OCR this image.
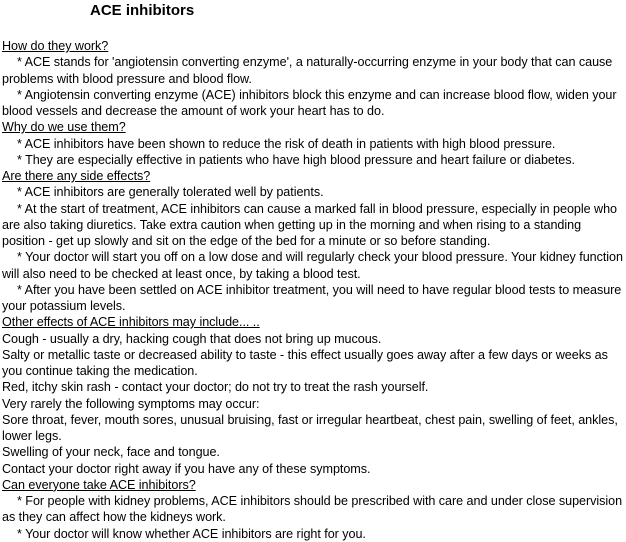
ACE inhibitors

How do they work?

* ACE stands for 'angiotensin converting enzyme', a naturally-occurring enzyme in your body that can cause problems with blood pressure and blood flow.

* Angiotensin converting enzyme (ACE) inhibitors block this enzyme and can increase blood flow, widen your blood vessels and decrease the amount of work your heart has to do.

Why do we use them?

* ACE inhibitors have been shown to reduce the risk of death in patients with high blood pressure.

* They are especially effective in patients who have high blood pressure and heart failure or diabetes.

Are there any side effects?

* ACE inhibitors are generally tolerated well by patients.

* At the start of treatment, ACE inhibitors can cause a marked fall in blood pressure, especially in people who are also taking diuretics. Take extra caution when getting up in the morning and when rising to a standing position - get up slowly and sit on the edge of the bed for a minute or so before standing.

* Your doctor will start you off on a low dose and will regularly check your blood pressure. Your kidney function will also need to be checked at least once, by taking a blood test.

* After you have been settled on ACE inhibitor treatment, you will need to have regular blood tests to measure your potassium levels.

Other effects of ACE inhibitors may include... ..

Cough - usually a dry, hacking cough that does not bring up mucous.

Salty or metallic taste or decreased ability to taste - this effect usually goes away after a few days or weeks as you continue taking the medication.

Red, itchy skin rash - contact your doctor; do not try to treat the rash yourself.

Very rarely the following symptoms may occur:

Sore throat, fever, mouth sores, unusual bruising, fast or irregular heartbeat, chest pain, swelling of feet, ankles, lower legs.

Swelling of your neck, face and tongue.

Contact your doctor right away if you have any of these symptoms.

Can everyone take ACE inhibitors?

* For people with kidney problems, ACE inhibitors should be prescribed with care and under close supervision as they can affect how the kidneys work.

* Your doctor will know whether ACE inhibitors are right for you.
